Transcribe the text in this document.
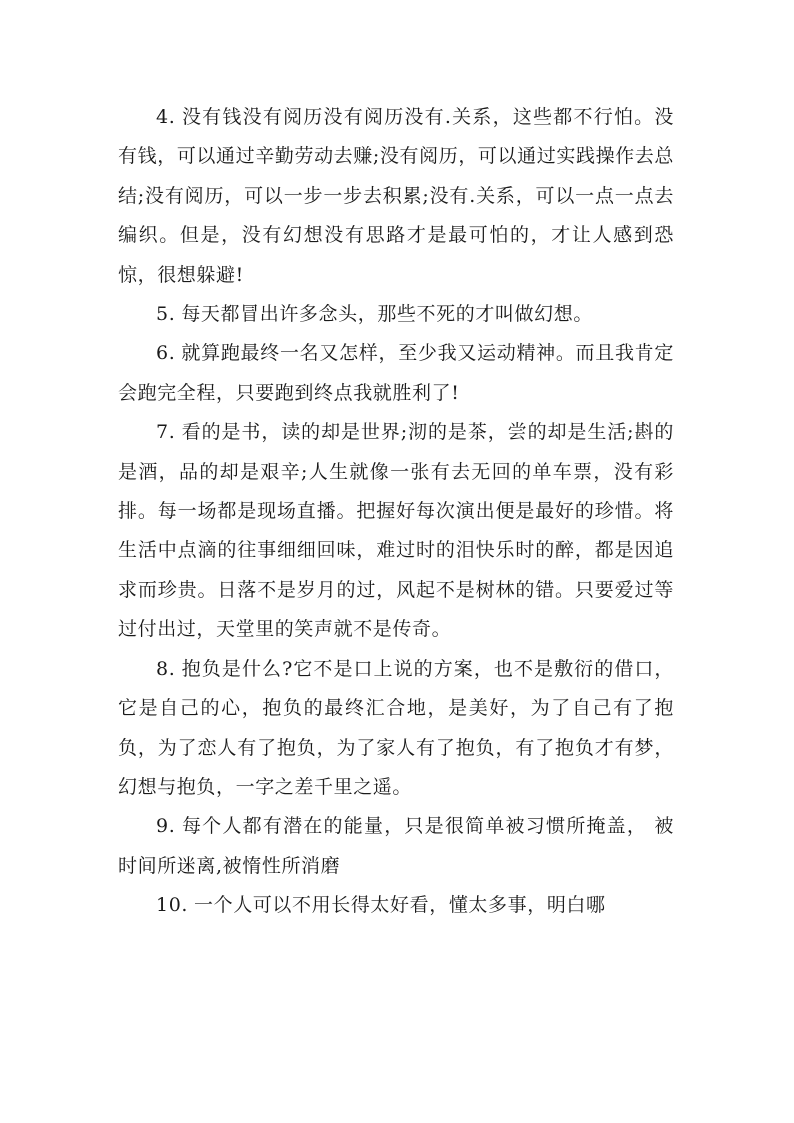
4. 没有钱没有阅历没有阅历没有.关系，这些都不行怕。没有钱，可以通过辛勤劳动去赚;没有阅历，可以通过实践操作去总结;没有阅历，可以一步一步去积累;没有.关系，可以一点一点去编织。但是，没有幻想没有思路才是最可怕的，才让人感到恐惊，很想躲避!

5. 每天都冒出许多念头，那些不死的才叫做幻想。

6. 就算跑最终一名又怎样，至少我又运动精神。而且我肯定会跑完全程，只要跑到终点我就胜利了!

7. 看的是书，读的却是世界;沏的是茶，尝的却是生活;斟的是酒，品的却是艰辛;人生就像一张有去无回的单车票，没有彩排。每一场都是现场直播。把握好每次演出便是最好的珍惜。将生活中点滴的往事细细回味，难过时的泪快乐时的醉，都是因追求而珍贵。日落不是岁月的过，风起不是树林的错。只要爱过等过付出过，天堂里的笑声就不是传奇。

8. 抱负是什么?它不是口上说的方案，也不是敷衍的借口，它是自己的心，抱负的最终汇合地，是美好，为了自己有了抱负，为了恋人有了抱负，为了家人有了抱负，有了抱负才有梦，幻想与抱负，一字之差千里之遥。

9. 每个人都有潜在的能量，只是很简单被习惯所掩盖， 被时间所迷离,被惰性所消磨

10. 一个人可以不用长得太好看，懂太多事，明白哪
